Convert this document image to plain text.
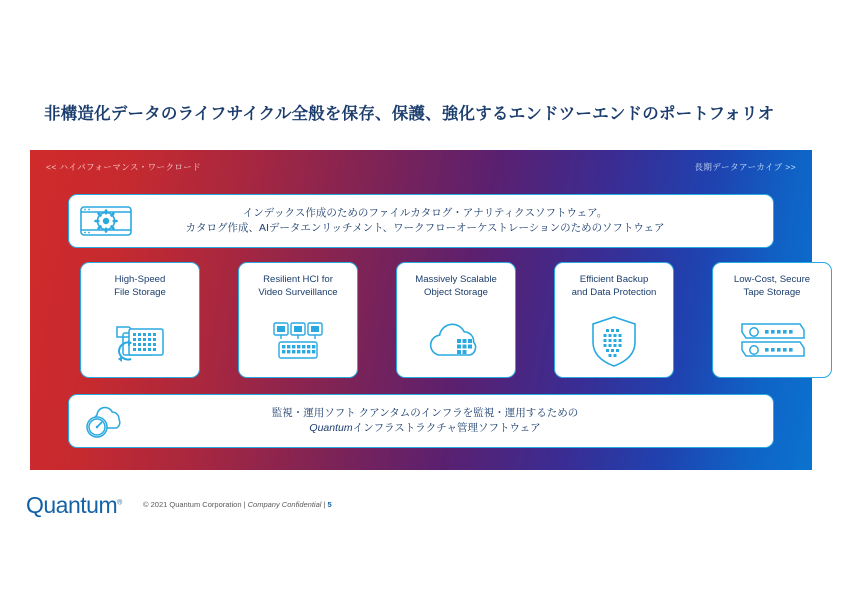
非構造化データのライフサイクル全般を保存、保護、強化するエンドツーエンドのポートフォリオ
<< ハイパフォーマンス・ワークロード	長期データアーカイブ >>
インデックス作成のためのファイルカタログ・アナリティクスソフトウェア。
カタログ作成、AIデータエンリッチメント、ワークフローオーケストレーションのためのソフトウェア
High-Speed
File Storage
Resilient HCI for
Video Surveillance
Massively Scalable
Object Storage
Efficient Backup
and Data Protection
Low-Cost, Secure
Tape Storage
監視・運用ソフト クアンタムのインフラを監視・運用するための
Quantumインフラストラクチャ管理ソフトウェア
Quantum®	© 2021 Quantum Corporation | Company Confidential | 5
